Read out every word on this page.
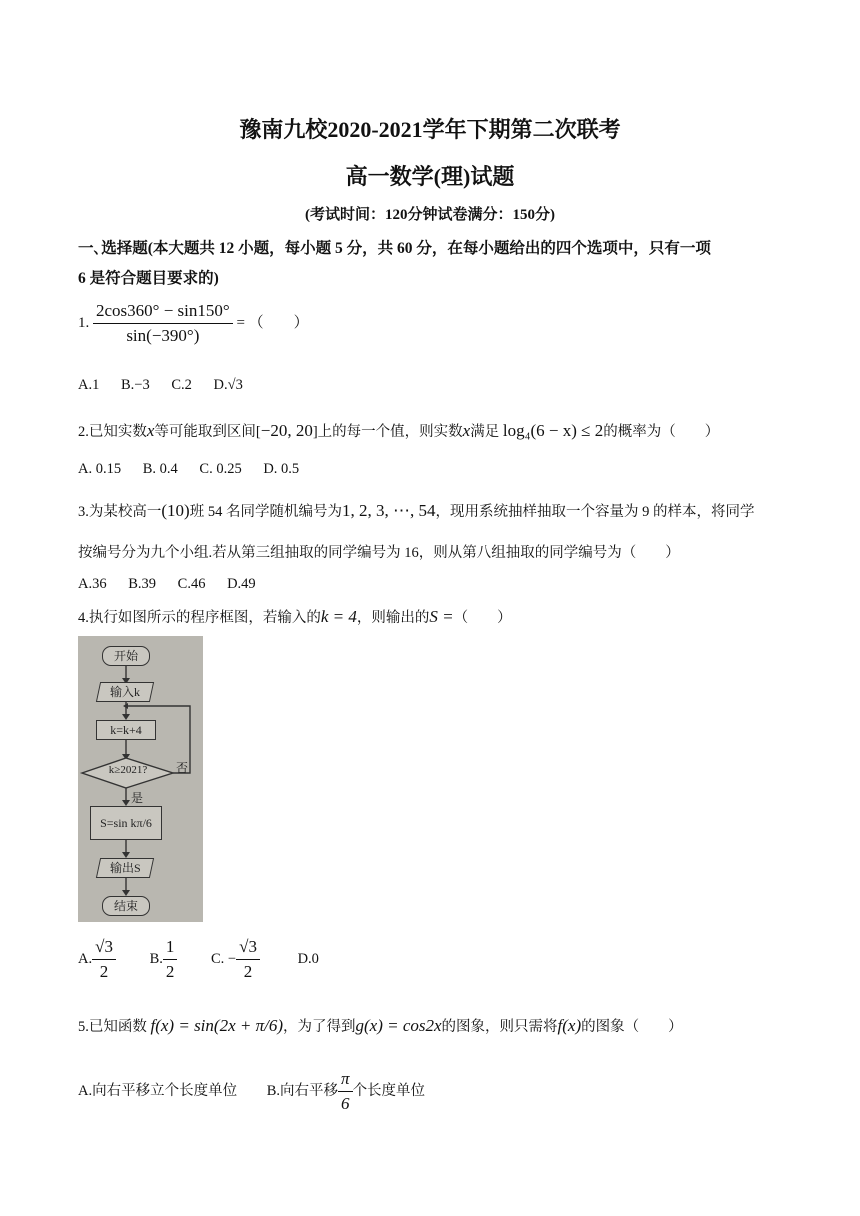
豫南九校2020-2021学年下期第二次联考
高一数学(理)试题
(考试时间：120分钟试卷满分：150分)
一､选择题(本大题共 12 小题，每小题 5 分，共 60 分，在每小题给出的四个选项中，只有一项
6 是符合题目要求的)
1. $\frac{2\cos 360^\circ - \sin 150^\circ}{\sin(-390^\circ)}$ = （　　）
A.1 B.−3 C.2 D.√3
2.已知实数x等可能取到区间[−20, 20]上的每一个值，则实数x满足 log₄(6 − x) ≤ 2的概率为（　　）
A. 0.15 B. 0.4 C. 0.25 D. 0.5
3.为某校高一(10)班 54 名同学随机编号为1, 2, 3, ⋯, 54，现用系统抽样抽取一个容量为 9 的样本，将同学
按编号分为九个小组.若从第三组抽取的同学编号为 16，则从第八组抽取的同学编号为（　　）
A.36 B.39 C.46 D.49
4.执行如图所示的程序框图，若输入的k = 4，则输出的S =（　　）
开始
输入k
k=k+4
k≥2021?	否
是
S=sin kπ/6
输出S
结束
A. $\frac{√3}{2} B$. $\frac{1}{2} C$. − $\frac{√3}{2}$	D.0
5.已知函数 f(x) = sin(2x + π/6)，为了得到g(x) = cos2x的图象，则只需将f(x)的图象（　　）
A.向右平移立个长度单位 B.向右平移 $\frac{\pi}{6}$ 个长度单位
